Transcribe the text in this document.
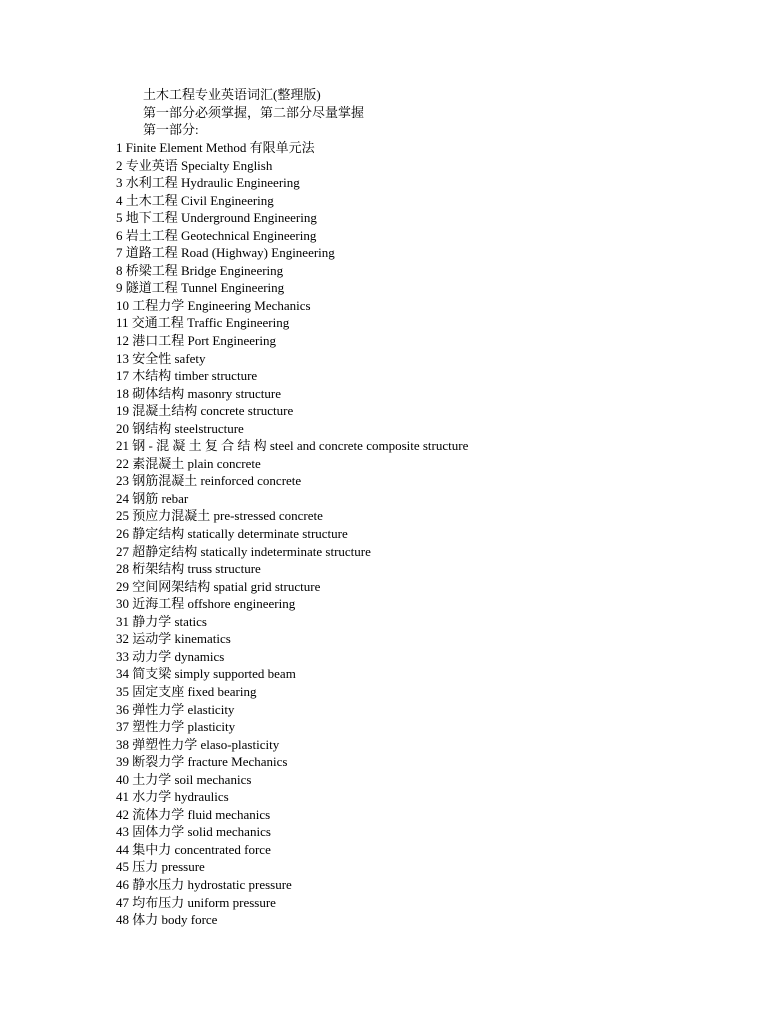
土木工程专业英语词汇(整理版)
第一部分必须掌握，第二部分尽量掌握
第一部分:
1 Finite Element Method 有限单元法
2 专业英语 Specialty English
3 水利工程 Hydraulic Engineering
4 土木工程 Civil Engineering
5 地下工程 Underground Engineering
6 岩土工程 Geotechnical Engineering
7 道路工程 Road (Highway) Engineering
8 桥梁工程 Bridge Engineering
9 隧道工程 Tunnel Engineering
10 工程力学 Engineering Mechanics
11 交通工程 Traffic Engineering
12 港口工程 Port Engineering
13 安全性 safety
17 木结构 timber structure
18 砌体结构 masonry structure
19 混凝土结构 concrete structure
20 钢结构 steelstructure
21 钢 - 混 凝 土 复 合 结 构 steel and concrete composite structure
22 素混凝土 plain concrete
23 钢筋混凝土 reinforced concrete
24 钢筋 rebar
25 预应力混凝土 pre-stressed concrete
26 静定结构 statically determinate structure
27 超静定结构 statically indeterminate structure
28 桁架结构 truss structure
29 空间网架结构 spatial grid structure
30 近海工程 offshore engineering
31 静力学 statics
32 运动学 kinematics
33 动力学 dynamics
34 简支梁 simply supported beam
35 固定支座 fixed bearing
36 弹性力学 elasticity
37 塑性力学 plasticity
38 弹塑性力学 elaso-plasticity
39 断裂力学 fracture Mechanics
40 土力学 soil mechanics
41 水力学 hydraulics
42 流体力学 fluid mechanics
43 固体力学 solid mechanics
44 集中力 concentrated force
45 压力 pressure
46 静水压力 hydrostatic pressure
47 均布压力 uniform pressure
48 体力 body force
